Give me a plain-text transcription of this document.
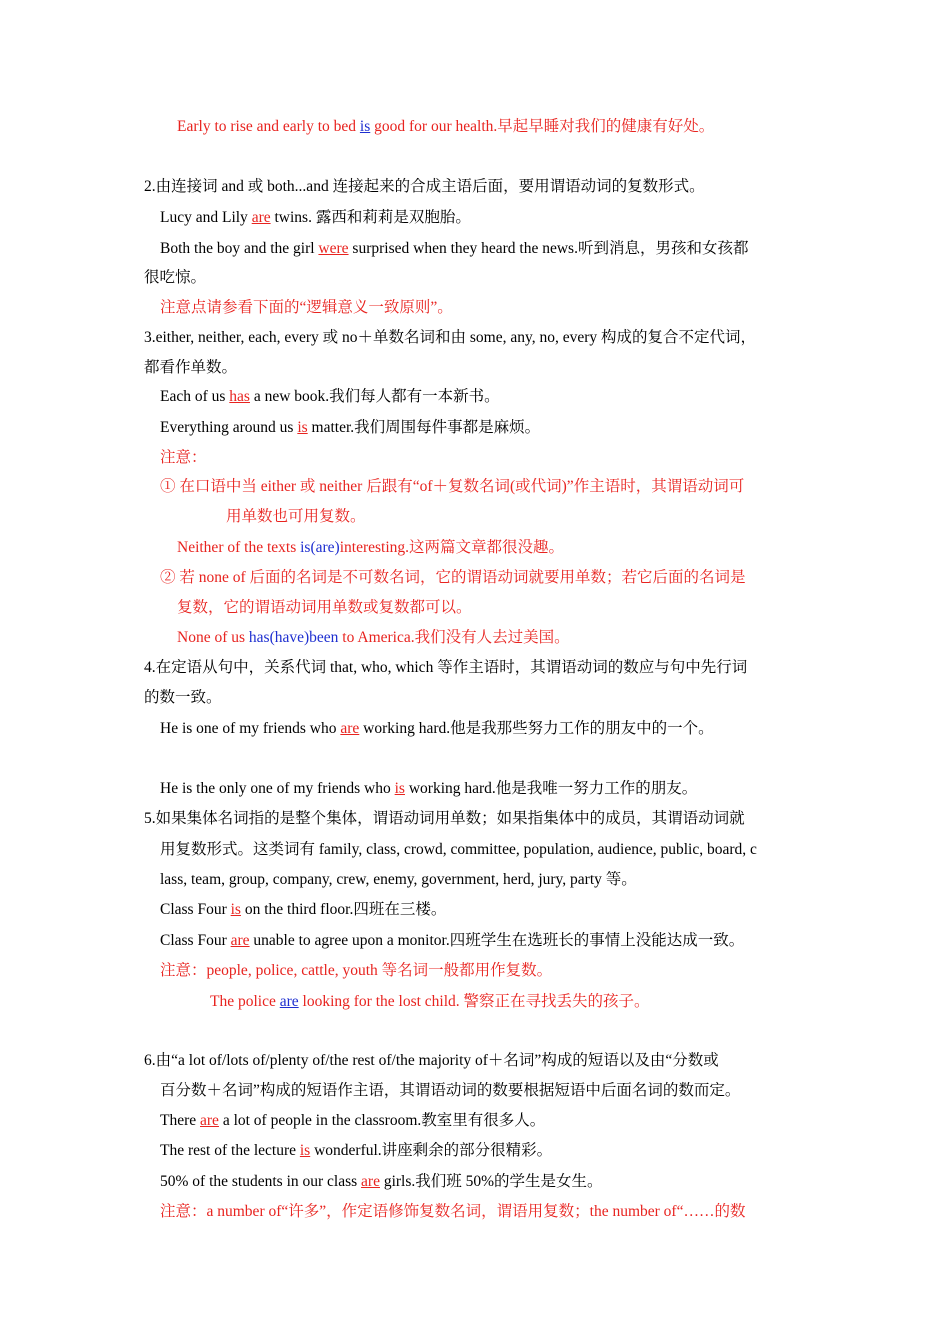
Early to rise and early to bed is good for our health.早起早睡对我们的健康有好处。
2.由连接词 and 或 both...and 连接起来的合成主语后面，要用谓语动词的复数形式。
Lucy and Lily are twins. 露西和莉莉是双胞胎。
Both the boy and the girl were surprised when they heard the news.听到消息，男孩和女孩都
很吃惊。
注意点请参看下面的“逻辑意义一致原则”。
3.either, neither, each, every 或 no＋单数名词和由 some, any, no, every 构成的复合不定代词，
都看作单数。
Each of us has a new book.我们每人都有一本新书。
Everything around us is matter.我们周围每件事都是麻烦。
注意：
① 在口语中当 either 或 neither 后跟有“of＋复数名词(或代词)”作主语时，其谓语动词可
用单数也可用复数。
Neither of the texts is(are)interesting.这两篇文章都很没趣。
② 若 none of 后面的名词是不可数名词，它的谓语动词就要用单数；若它后面的名词是
复数，它的谓语动词用单数或复数都可以。
None of us has(have)been to America.我们没有人去过美国。
4.在定语从句中，关系代词 that, who, which 等作主语时，其谓语动词的数应与句中先行词
的数一致。
He is one of my friends who are working hard.他是我那些努力工作的朋友中的一个。
He is the only one of my friends who is working hard.他是我唯一努力工作的朋友。
5.如果集体名词指的是整个集体，谓语动词用单数；如果指集体中的成员，其谓语动词就
用复数形式。这类词有 family, class, crowd, committee, population, audience, public, board, c
lass, team, group, company, crew, enemy, government, herd, jury, party 等。
Class Four is on the third floor.四班在三楼。
Class Four are unable to agree upon a monitor.四班学生在选班长的事情上没能达成一致。
注意：people, police, cattle, youth 等名词一般都用作复数。
The police are looking for the lost child. 警察正在寻找丢失的孩子。
6.由“a lot of/lots of/plenty of/the rest of/the majority of＋名词”构成的短语以及由“分数或
百分数＋名词”构成的短语作主语，其谓语动词的数要根据短语中后面名词的数而定。
There are a lot of people in the classroom.教室里有很多人。
The rest of the lecture is wonderful.讲座剩余的部分很精彩。
50% of the students in our class are girls.我们班 50%的学生是女生。
注意：a number of“许多”，作定语修饰复数名词，谓语用复数；the number of“……的数
